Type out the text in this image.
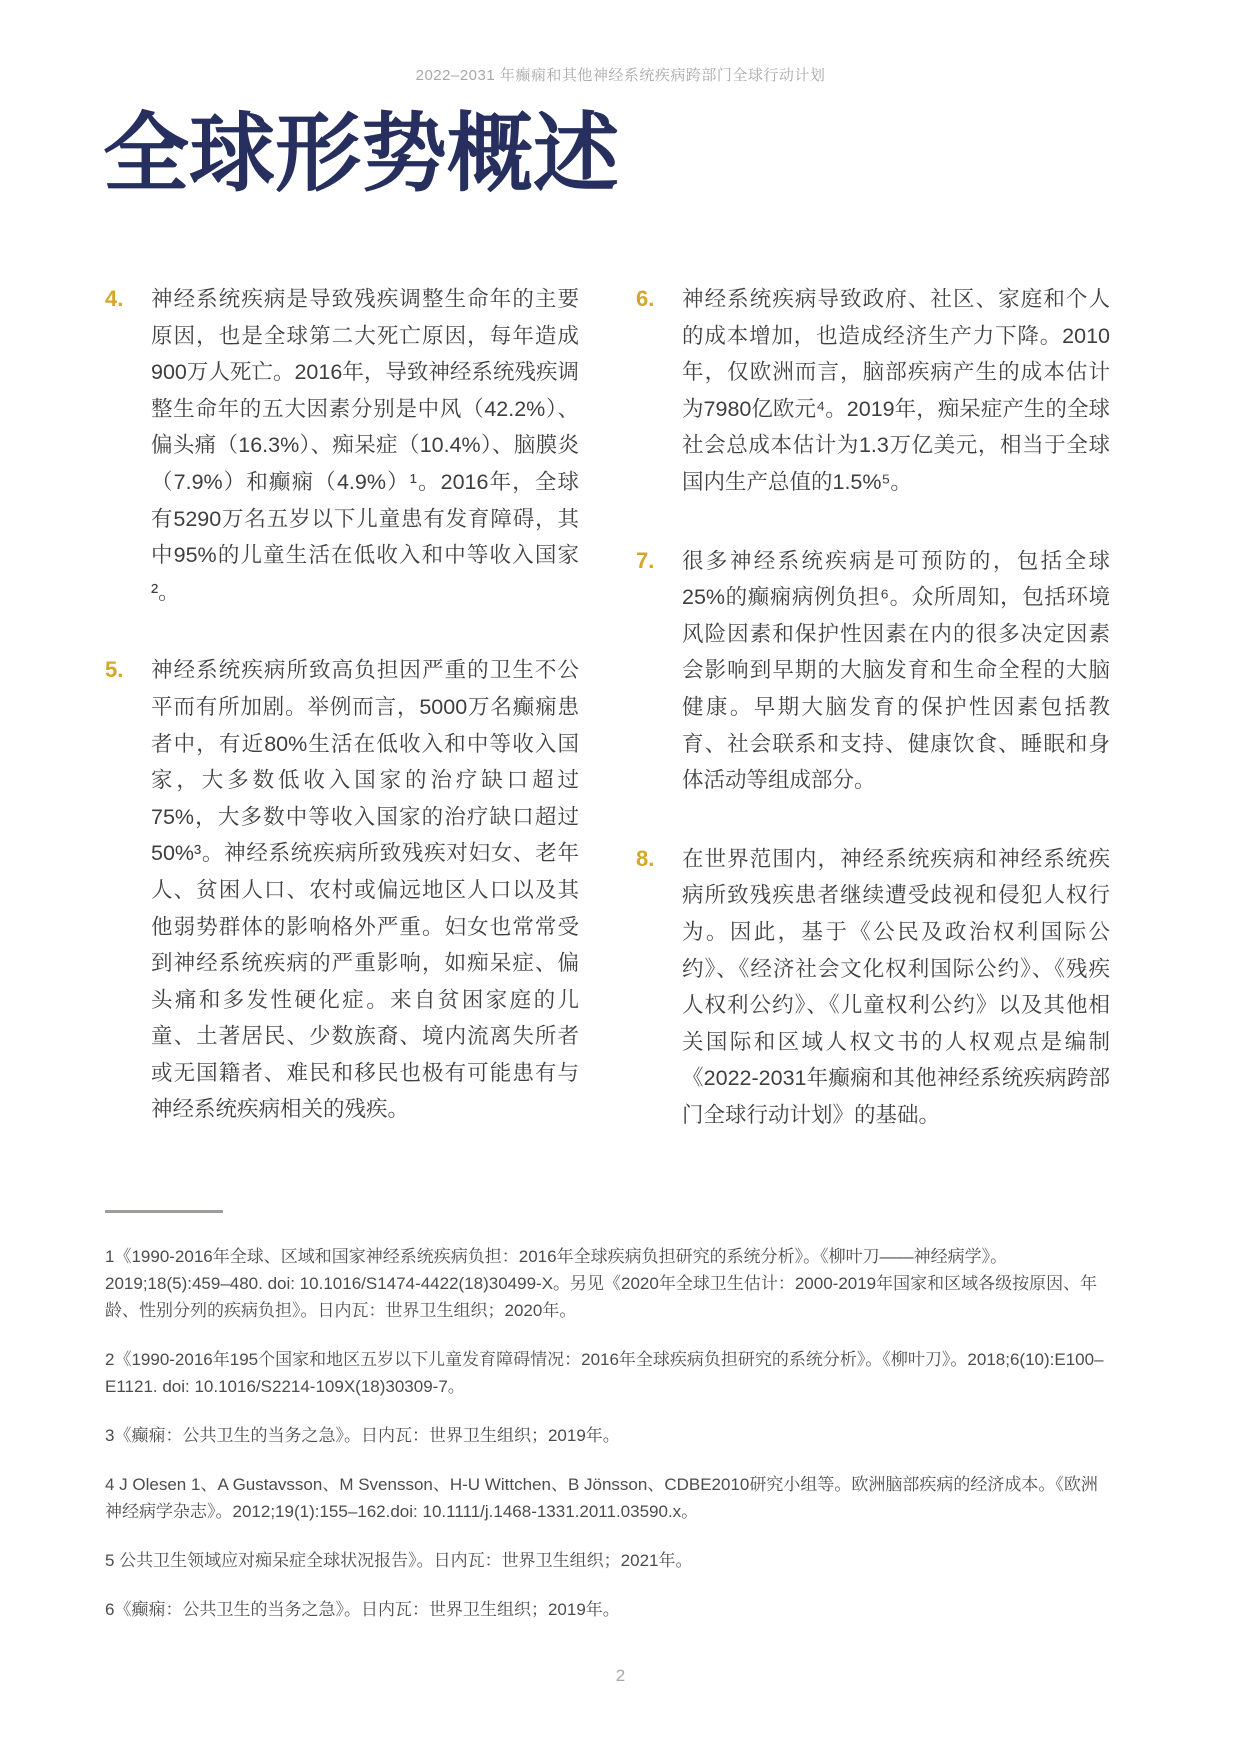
2022–2031 年癫痫和其他神经系统疾病跨部门全球行动计划
全球形势概述
4.	神经系统疾病是导致残疾调整生命年的主要原因，也是全球第二大死亡原因，每年造成900万人死亡。2016年，导致神经系统残疾调整生命年的五大因素分别是中风（42.2%）、偏头痛（16.3%）、痴呆症（10.4%）、脑膜炎（7.9%）和癫痫（4.9%）¹。2016年，全球有5290万名五岁以下儿童患有发育障碍，其中95%的儿童生活在低收入和中等收入国家²。

5.	神经系统疾病所致高负担因严重的卫生不公平而有所加剧。举例而言，5000万名癫痫患者中，有近80%生活在低收入和中等收入国家，大多数低收入国家的治疗缺口超过75%，大多数中等收入国家的治疗缺口超过50%³。神经系统疾病所致残疾对妇女、老年人、贫困人口、农村或偏远地区人口以及其他弱势群体的影响格外严重。妇女也常常受到神经系统疾病的严重影响，如痴呆症、偏头痛和多发性硬化症。来自贫困家庭的儿童、土著居民、少数族裔、境内流离失所者或无国籍者、难民和移民也极有可能患有与神经系统疾病相关的残疾。

6.	神经系统疾病导致政府、社区、家庭和个人的成本增加，也造成经济生产力下降。2010年，仅欧洲而言，脑部疾病产生的成本估计为7980亿欧元⁴。2019年，痴呆症产生的全球社会总成本估计为1.3万亿美元，相当于全球国内生产总值的1.5%⁵。

7.	很多神经系统疾病是可预防的，包括全球25%的癫痫病例负担⁶。众所周知，包括环境风险因素和保护性因素在内的很多决定因素会影响到早期的大脑发育和生命全程的大脑健康。早期大脑发育的保护性因素包括教育、社会联系和支持、健康饮食、睡眠和身体活动等组成部分。

8.	在世界范围内，神经系统疾病和神经系统疾病所致残疾患者继续遭受歧视和侵犯人权行为。因此，基于《公民及政治权利国际公约》、《经济社会文化权利国际公约》、《残疾人权利公约》、《儿童权利公约》以及其他相关国际和区域人权文书的人权观点是编制《2022-2031年癫痫和其他神经系统疾病跨部门全球行动计划》的基础。

1《1990-2016年全球、区域和国家神经系统疾病负担：2016年全球疾病负担研究的系统分析》。《柳叶刀——神经病学》。2019;18(5):459–480. doi: 10.1016/S1474-4422(18)30499-X。另见《2020年全球卫生估计：2000-2019年国家和区域各级按原因、年龄、性别分列的疾病负担》。日内瓦：世界卫生组织；2020年。

2《1990-2016年195个国家和地区五岁以下儿童发育障碍情况：2016年全球疾病负担研究的系统分析》。《柳叶刀》。2018;6(10):E100–E1121. doi: 10.1016/S2214-109X(18)30309-7。

3《癫痫：公共卫生的当务之急》。日内瓦：世界卫生组织；2019年。

4 J Olesen 1、A Gustavsson、M Svensson、H-U Wittchen、B Jönsson、CDBE2010研究小组等。欧洲脑部疾病的经济成本。《欧洲神经病学杂志》。2012;19(1):155–162.doi: 10.1111/j.1468-1331.2011.03590.x。

5 公共卫生领域应对痴呆症全球状况报告》。日内瓦：世界卫生组织；2021年。

6《癫痫：公共卫生的当务之急》。日内瓦：世界卫生组织；2019年。

2
